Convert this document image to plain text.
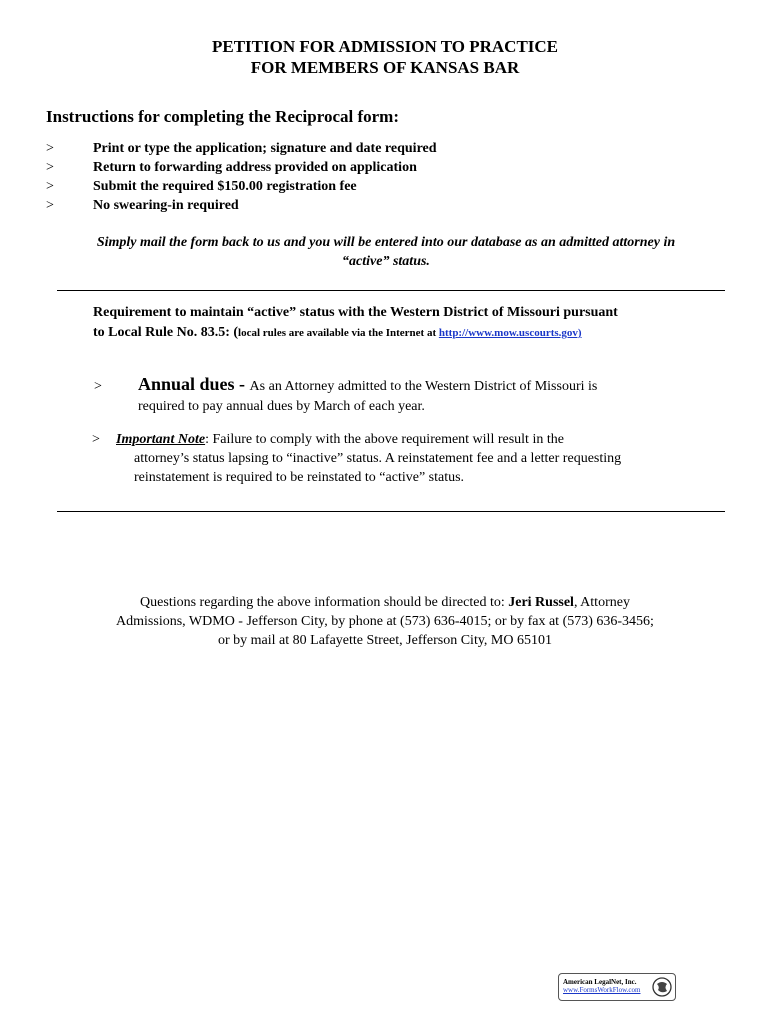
PETITION FOR ADMISSION TO PRACTICE
FOR MEMBERS OF KANSAS BAR
Instructions for completing the Reciprocal form:
>	Print or type the application; signature and date required
>	Return to forwarding address provided on application
>	Submit the required $150.00 registration fee
>	No swearing-in required
Simply mail the form back to us and you will be entered into our database as an admitted attorney in
“active” status.
Requirement to maintain “active” status with the Western District of Missouri pursuant
to Local Rule No. 83.5: (local rules are available via the Internet at http://www.mow.uscourts.gov)
> Annual dues - As an Attorney admitted to the Western District of Missouri is
required to pay annual dues by March of each year.
> Important Note: Failure to comply with the above requirement will result in the
attorney’s status lapsing to “inactive” status. A reinstatement fee and a letter requesting
reinstatement is required to be reinstated to “active” status.
Questions regarding the above information should be directed to: Jeri Russel, Attorney
Admissions, WDMO - Jefferson City, by phone at (573) 636-4015; or by fax at (573) 636-3456;
or by mail at 80 Lafayette Street, Jefferson City, MO 65101
American LegalNet, Inc.
www.FormsWorkFlow.com
